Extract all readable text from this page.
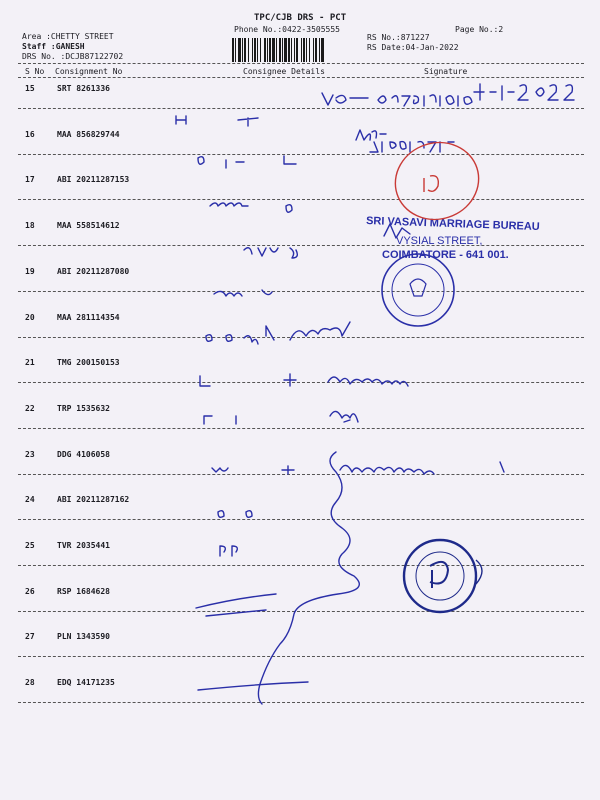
TPC/CJB DRS - PCT
Phone No.:0422-3505555	Page No.:2
Area :CHETTY STREET
Staff :GANESH
DRS No. :DCJB87122702
RS No.:871227
RS Date:04-Jan-2022
S No Consignment No	Consignee Details	Signature
15	SRT 8261336
16	MAA 856829744
17	ABI 20211287153
18	MAA 558514612
19	ABI 20211287080
20	MAA 281114354
21	TMG 200150153
22	TRP 1535632
23	DDG 4106058
24	ABI 20211287162
25	TVR 2035441
26	RSP 1684628
27	PLN 1343590
28	EDQ 14171235
SRI VASAVI MARRIAGE BUREAU
VYSIAL STREET,
COIMBATORE - 641 001.
